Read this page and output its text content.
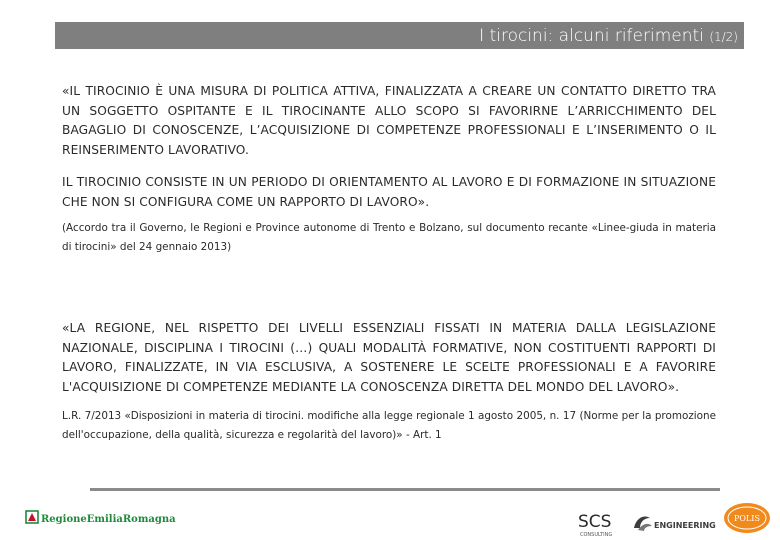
I tirocini: alcuni riferimenti (1/2)

«IL TIROCINIO È UNA MISURA DI POLITICA ATTIVA, FINALIZZATA A CREARE UN CONTATTO DIRETTO TRA UN SOGGETTO OSPITANTE E IL TIROCINANTE ALLO SCOPO SI FAVORIRNE L’ARRICCHIMENTO DEL BAGAGLIO DI CONOSCENZE, L’ACQUISIZIONE DI COMPETENZE PROFESSIONALI E L’INSERIMENTO O IL REINSERIMENTO LAVORATIVO.

IL TIROCINIO CONSISTE IN UN PERIODO DI ORIENTAMENTO AL LAVORO E DI FORMAZIONE IN SITUAZIONE CHE NON SI CONFIGURA COME UN RAPPORTO DI LAVORO».

(Accordo tra il Governo, le Regioni e Province autonome di Trento e Bolzano, sul documento recante «Linee-giuda in materia di tirocini» del 24 gennaio 2013)

«LA REGIONE, NEL RISPETTO DEI LIVELLI ESSENZIALI FISSATI IN MATERIA DALLA LEGISLAZIONE NAZIONALE, DISCIPLINA I TIROCINI (…) QUALI MODALITÀ FORMATIVE, NON COSTITUENTI RAPPORTI DI LAVORO, FINALIZZATE, IN VIA ESCLUSIVA, A SOSTENERE LE SCELTE PROFESSIONALI E A FAVORIRE L'ACQUISIZIONE DI COMPETENZE MEDIANTE LA CONOSCENZA DIRETTA DEL MONDO DEL LAVORO».

L.R. 7/2013 «Disposizioni in materia di tirocini. modifiche alla legge regionale 1 agosto 2005, n. 17 (Norme per la promozione dell'occupazione, della qualità, sicurezza e regolarità del lavoro)» - Art. 1

RegioneEmiliaRomagna	SCS
CONSULTING
ENGINEERING
POLIS
